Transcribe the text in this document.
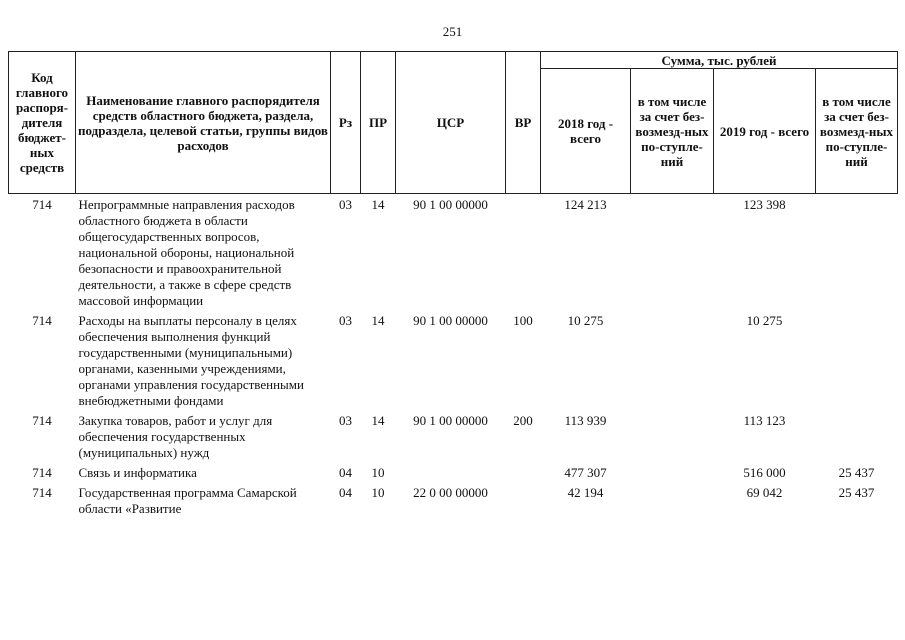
251
Код главного распоря-дителя бюджет-ных средств	Наименование главного распорядителя средств областного бюджета, раздела, подраздела, целевой статьи, группы видов расходов	Рз	ПР	ЦСР	ВР	Сумма, тыс. рублей			
						2018 год - всего	в том числе за счет без-возмезд-ных по-ступле-ний	2019 год - всего	в том числе за счет без-возмезд-ных по-ступле-ний
714	Непрограммные направления расходов областного бюджета в области общегосударственных вопросов, национальной обороны, национальной безопасности и правоохранительной деятельности, а также в сфере средств массовой информации	03	14	90 1 00 00000		124 213		123 398	
714	Расходы на выплаты персоналу в целях обеспечения выполнения функций государственными (муниципальными) органами, казенными учреждениями, органами управления государственными внебюджетными фондами	03	14	90 1 00 00000	100	10 275		10 275	
714	Закупка товаров, работ и услуг для обеспечения государственных (муниципальных) нужд	03	14	90 1 00 00000	200	113 939		113 123	
714	Связь и информатика	04	10			477 307		516 000	25 437
714	Государственная программа Самарской области «Развитие	04	10	22 0 00 00000		42 194		69 042	25 437
